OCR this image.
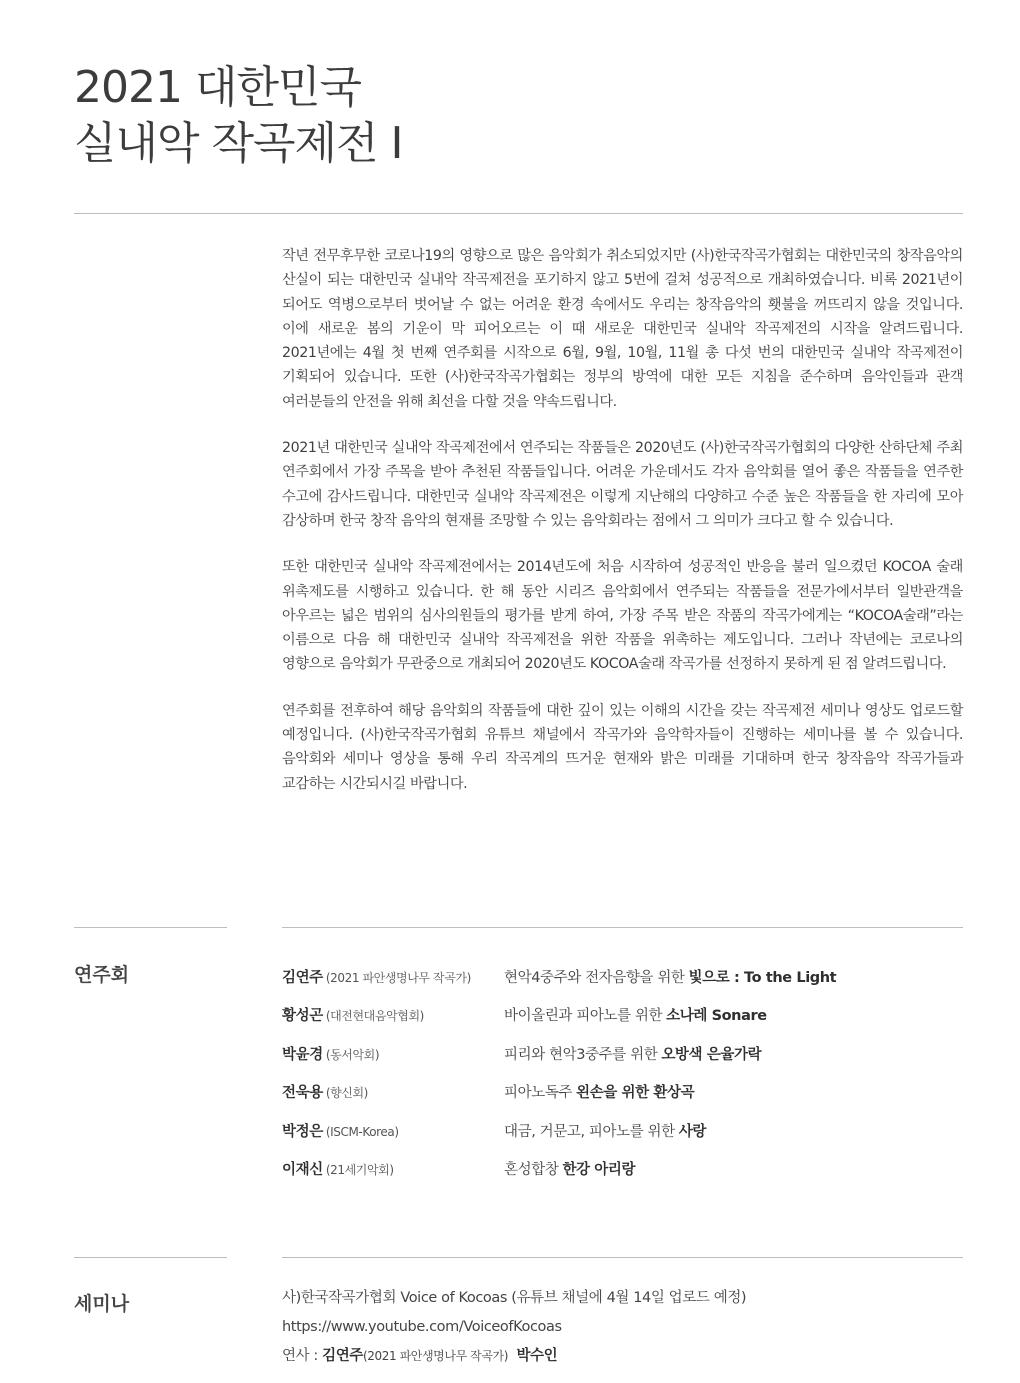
2021 대한민국
실내악 작곡제전 I

작년 전무후무한 코로나19의 영향으로 많은 음악회가 취소되었지만 (사)한국작곡가협회는 대한민국의 창작음악의 산실이 되는 대한민국 실내악 작곡제전을 포기하지 않고 5번에 걸쳐 성공적으로 개최하였습니다. 비록 2021년이 되어도 역병으로부터 벗어날 수 없는 어려운 환경 속에서도 우리는 창작음악의 횃불을 꺼뜨리지 않을 것입니다. 이에 새로운 봄의 기운이 막 피어오르는 이 때 새로운 대한민국 실내악 작곡제전의 시작을 알려드립니다. 2021년에는 4월 첫 번째 연주회를 시작으로 6월, 9월, 10월, 11월 총 다섯 번의 대한민국 실내악 작곡제전이 기획되어 있습니다. 또한 (사)한국작곡가협회는 정부의 방역에 대한 모든 지침을 준수하며 음악인들과 관객 여러분들의 안전을 위해 최선을 다할 것을 약속드립니다.

2021년 대한민국 실내악 작곡제전에서 연주되는 작품들은 2020년도 (사)한국작곡가협회의 다양한 산하단체 주최 연주회에서 가장 주목을 받아 추천된 작품들입니다. 어려운 가운데서도 각자 음악회를 열어 좋은 작품들을 연주한 수고에 감사드립니다. 대한민국 실내악 작곡제전은 이렇게 지난해의 다양하고 수준 높은 작품들을 한 자리에 모아 감상하며 한국 창작 음악의 현재를 조망할 수 있는 음악회라는 점에서 그 의미가 크다고 할 수 있습니다.

또한 대한민국 실내악 작곡제전에서는 2014년도에 처음 시작하여 성공적인 반응을 불러 일으켰던 KOCOA 술래 위촉제도를 시행하고 있습니다. 한 해 동안 시리즈 음악회에서 연주되는 작품들을 전문가에서부터 일반관객을 아우르는 넓은 범위의 심사의원들의 평가를 받게 하여, 가장 주목 받은 작품의 작곡가에게는 “KOCOA술래”라는 이름으로 다음 해 대한민국 실내악 작곡제전을 위한 작품을 위촉하는 제도입니다. 그러나 작년에는 코로나의 영향으로 음악회가 무관중으로 개최되어 2020년도 KOCOA술래 작곡가를 선정하지 못하게 된 점 알려드립니다.

연주회를 전후하여 해당 음악회의 작품들에 대한 깊이 있는 이해의 시간을 갖는 작곡제전 세미나 영상도 업로드할 예정입니다. (사)한국작곡가협회 유튜브 채널에서 작곡가와 음악학자들이 진행하는 세미나를 볼 수 있습니다. 음악회와 세미나 영상을 통해 우리 작곡계의 뜨거운 현재와 밝은 미래를 기대하며 한국 창작음악 작곡가들과 교감하는 시간되시길 바랍니다.

연주회	김연주 (2021 파안생명나무 작곡가)	현악4중주와 전자음향을 위한 빛으로 : To the Light
황성곤 (대전현대음악협회)	바이올린과 피아노를 위한 소나레 Sonare
박윤경 (동서악회)	피리와 현악3중주를 위한 오방색 은율가락
전욱용 (향신회)	피아노독주 왼손을 위한 환상곡
박정은 (ISCM-Korea)	대금, 거문고, 피아노를 위한 사랑
이재신 (21세기악회)	혼성합창 한강 아리랑
세미나	사)한국작곡가협회 Voice of Kocoas (유튜브 채널에 4월 14일 업로드 예정)
https://www.youtube.com/VoiceofKocoas
연사 : 김연주(2021 파안생명나무 작곡가) 박수인
